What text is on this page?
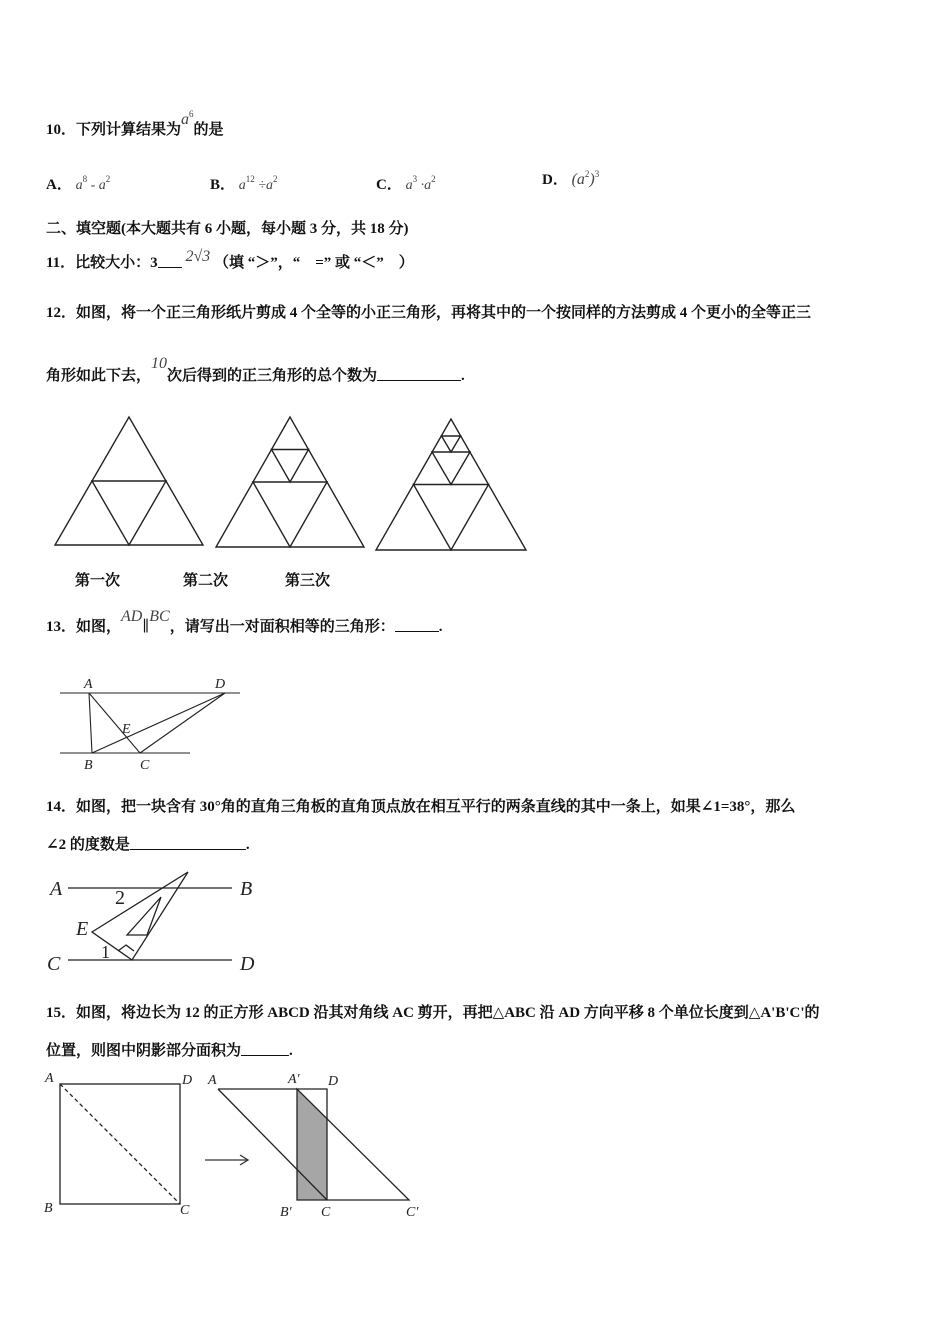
10．下列计算结果为$a^6$的是
A． $a^8 - a^2$	B． $a^{12} \div a^2$	C． $a^3 \cdot a^2$	D． $(a^2)^3$
二、填空题(本大题共有 6 小题，每小题 3 分，共 18 分)
11．比较大小：3 2√3 （填 “＞”，“　=” 或 “＜”　）
12．如图，将一个正三角形纸片剪成 4 个全等的小正三角形，再将其中的一个按同样的方法剪成 4 个更小的全等正三
角形如此下去，10次后得到的正三角形的总个数为	.
第一次	第二次	第三次
13．如图，AD∥BC，请写出一对面积相等的三角形：	.
A	D
E
B	C
14．如图，把一块含有 30°角的直角三角板的直角顶点放在相互平行的两条直线的其中一条上，如果∠1=38°，那么
∠2 的度数是	.
A	B
E
C	D
1
2
15．如图，将边长为 12 的正方形 ABCD 沿其对角线 AC 剪开，再把△ABC 沿 AD 方向平移 8 个单位长度到△A'B'C'的
位置，则图中阴影部分面积为	.
A	D
B	C
A	A′ D
B′ C	C′
